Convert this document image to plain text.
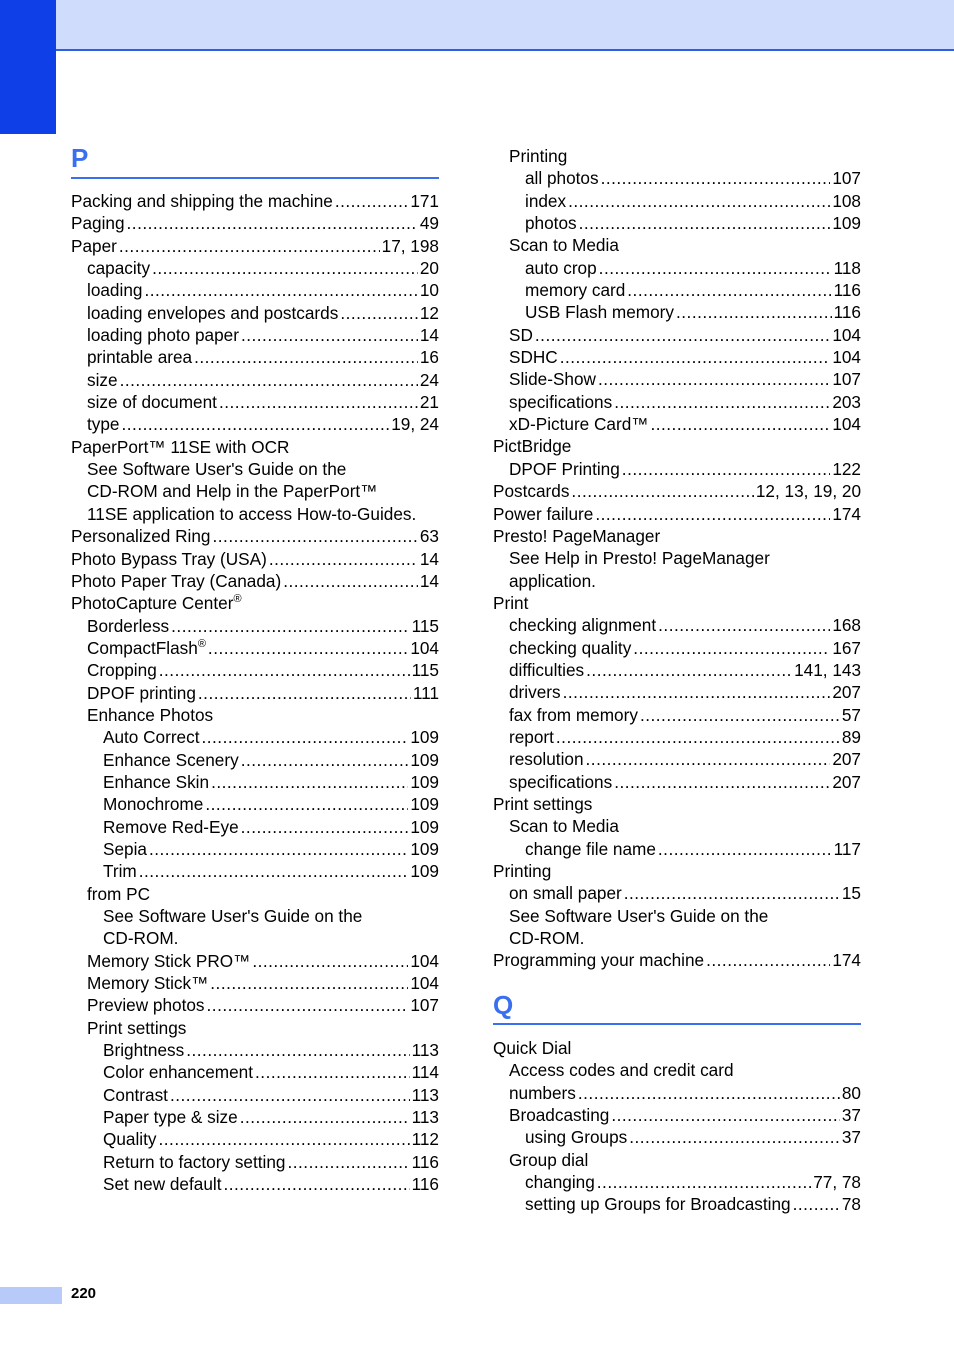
P
Packing and shipping the machine .....	171
Paging .....	49
Paper .....	17, 198
capacity .....	20
loading .....	10
loading envelopes and postcards .....	12
loading photo paper .....	14
printable area .....	16
size .....	24
size of document .....	21
type .....	19, 24
PaperPort™ 11SE with OCR
See Software User's Guide on the
CD-ROM and Help in the PaperPort™
11SE application to access How-to-Guides.
Personalized Ring .....	63
Photo Bypass Tray (USA) .....	14
Photo Paper Tray (Canada) .....	14
PhotoCapture Center®
Borderless .....	115
CompactFlash® .....	104
Cropping .....	115
DPOF printing .....	111
Enhance Photos
Auto Correct .....	109
Enhance Scenery .....	109
Enhance Skin .....	109
Monochrome .....	109
Remove Red-Eye .....	109
Sepia .....	109
Trim .....	109
from PC
See Software User's Guide on the
CD-ROM.
Memory Stick PRO™ .....	104
Memory Stick™ .....	104
Preview photos .....	107
Print settings
Brightness .....	113
Color enhancement .....	114
Contrast .....	113
Paper type & size .....	113
Quality .....	112
Return to factory setting .....	116
Set new default .....	116
Printing
all photos .....	107
index .....	108
photos .....	109
Scan to Media
auto crop .....	118
memory card .....	116
USB Flash memory .....	116
SD .....	104
SDHC .....	104
Slide-Show .....	107
specifications .....	203
xD-Picture Card™ .....	104
PictBridge
DPOF Printing .....	122
Postcards .....	12, 13, 19, 20
Power failure .....	174
Presto! PageManager
See Help in Presto! PageManager
application.
Print
checking alignment .....	168
checking quality .....	167
difficulties .....	141, 143
drivers .....	207
fax from memory .....	57
report .....	89
resolution .....	207
specifications .....	207
Print settings
Scan to Media
change file name .....	117
Printing
on small paper .....	15
See Software User's Guide on the
CD-ROM.
Programming your machine .....	174
Q
Quick Dial
Access codes and credit card
numbers .....	80
Broadcasting .....	37
using Groups .....	37
Group dial
changing .....	77, 78
setting up Groups for Broadcasting .....	78
220
